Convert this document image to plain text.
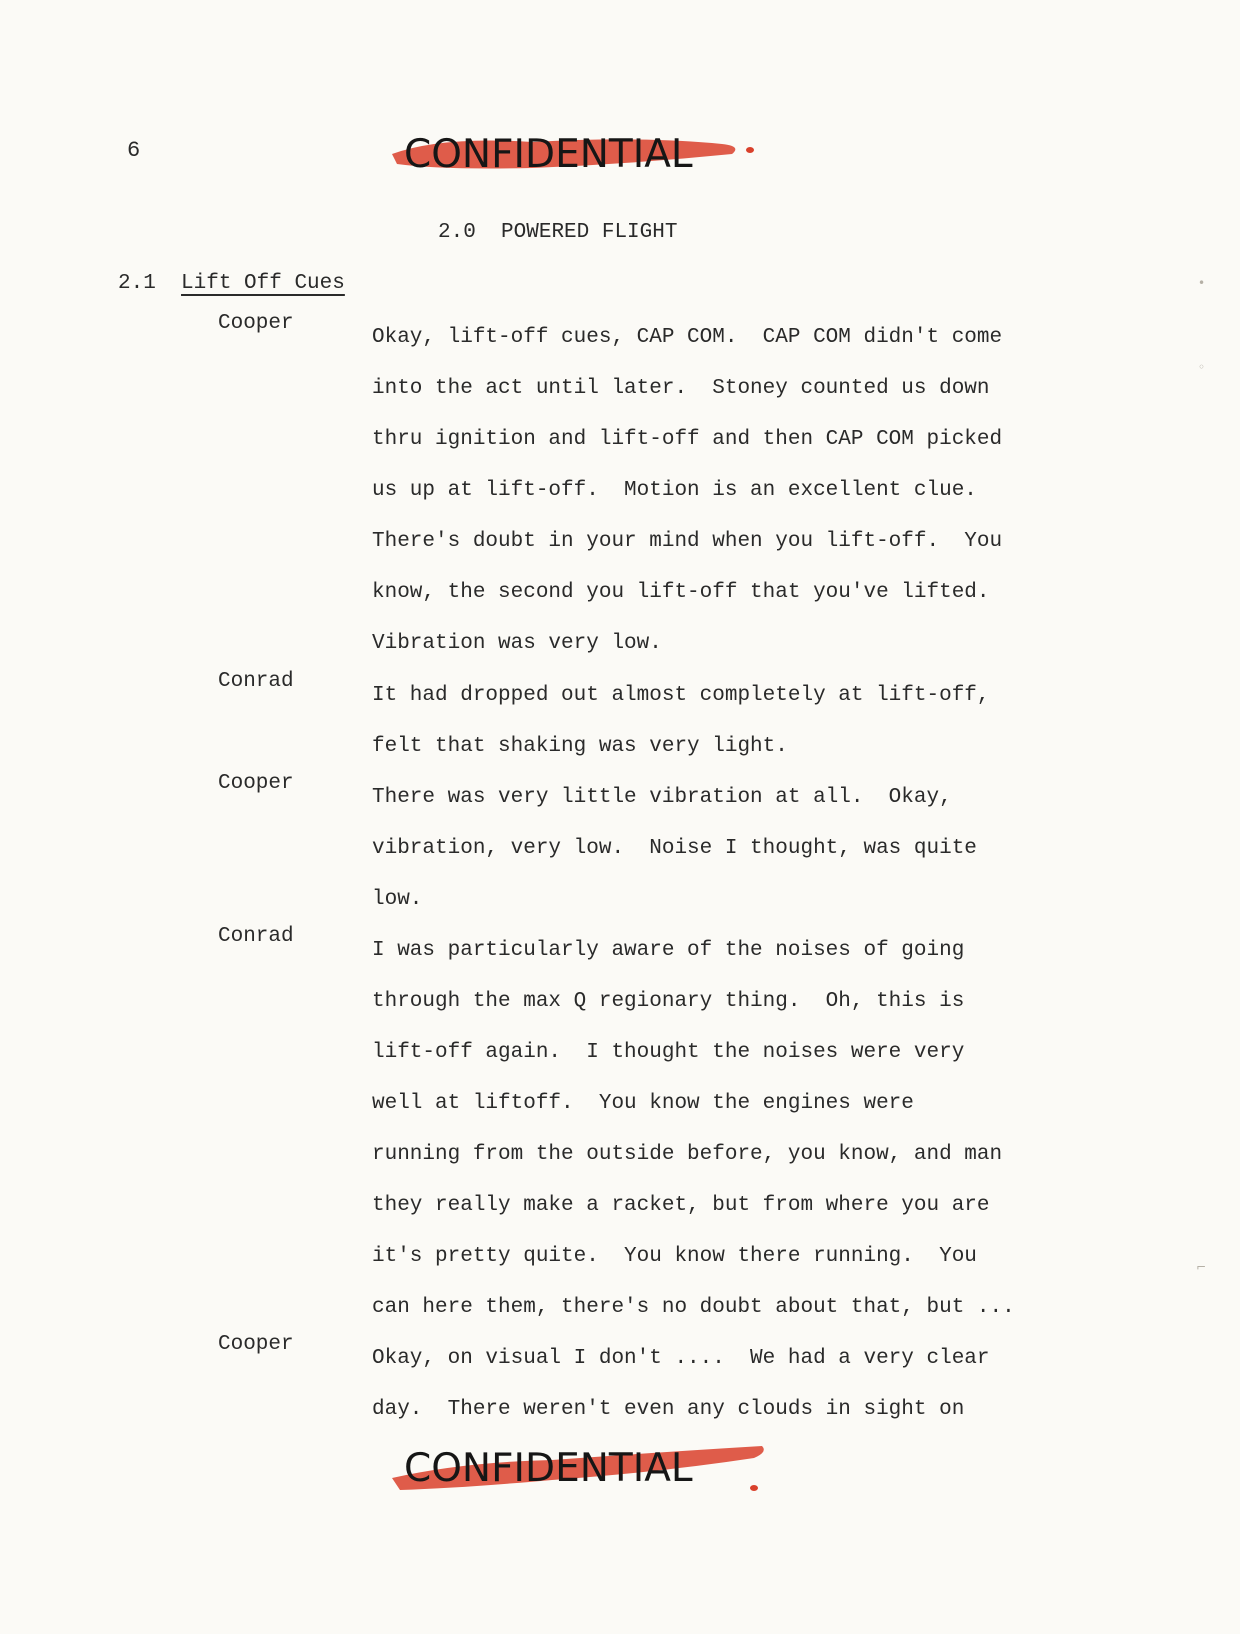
6	CONFIDENTIAL
2.0 POWERED FLIGHT
2.1 Lift Off Cues
Cooper
Okay, lift-off cues, CAP COM.  CAP COM didn't come
into the act until later.  Stoney counted us down
thru ignition and lift-off and then CAP COM picked
us up at lift-off.  Motion is an excellent clue.
There's doubt in your mind when you lift-off.  You
know, the second you lift-off that you've lifted.
Vibration was very low.
Conrad
It had dropped out almost completely at lift-off,
felt that shaking was very light.
Cooper
There was very little vibration at all.  Okay,
vibration, very low.  Noise I thought, was quite
low.
Conrad
I was particularly aware of the noises of going
through the max Q regionary thing.  Oh, this is
lift-off again.  I thought the noises were very
well at liftoff.  You know the engines were
running from the outside before, you know, and man
they really make a racket, but from where you are
it's pretty quite.  You know there running.  You
can here them, there's no doubt about that, but ...
Cooper
Okay, on visual I don't ....  We had a very clear
day.  There weren't even any clouds in sight on
CONFIDENTIAL
•
◦
⌐
